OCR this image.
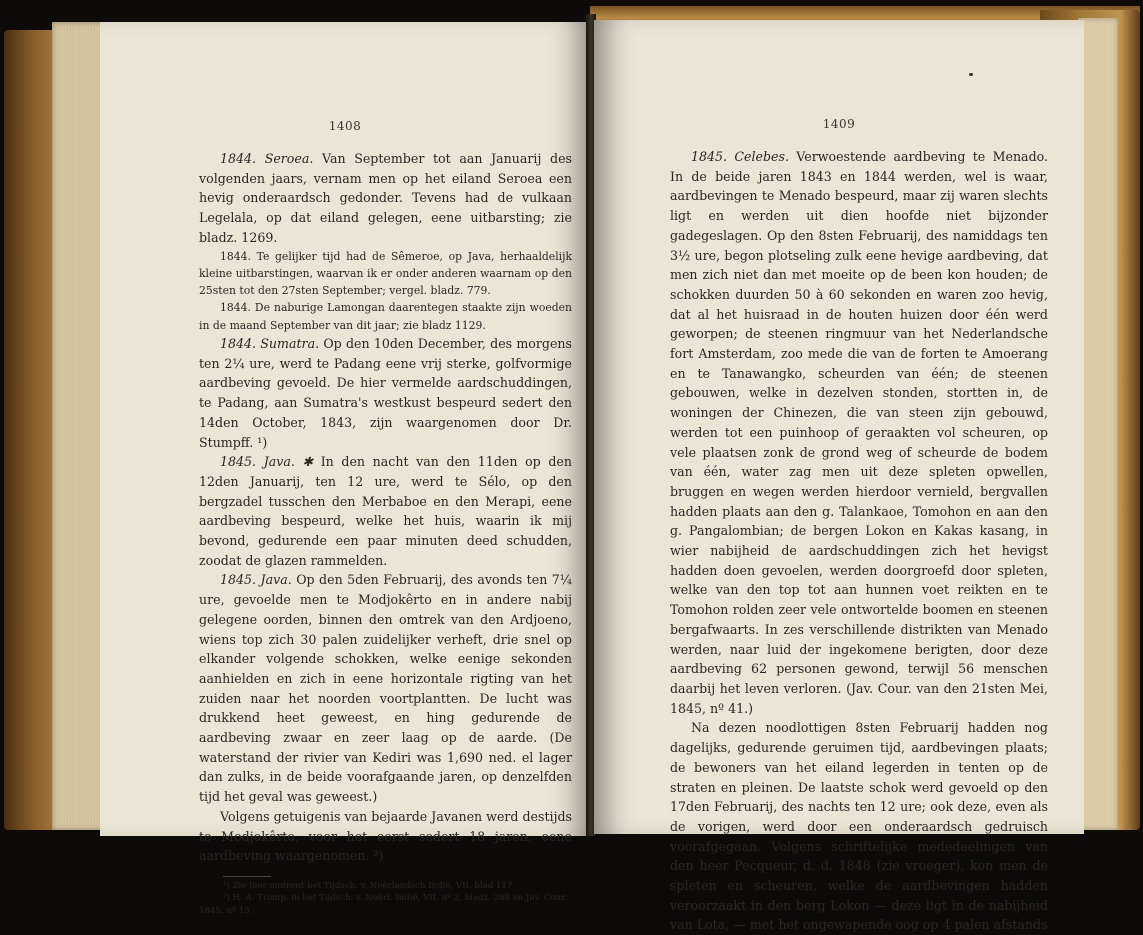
1408

1844. Seroea. Van September tot aan Januarij des volgenden jaars, vernam men op het eiland Seroea een hevig onderaardsch gedonder. Tevens had de vulkaan Legelala, op dat eiland gelegen, eene uitbarsting; zie bladz. 1269.

1844. Te gelijker tijd had de Sêmeroe, op Java, herhaaldelijk kleine uitbarstingen, waarvan ik er onder anderen waarnam op den 25sten tot den 27sten September; vergel. bladz. 779.

1844. De naburige Lamongan daarentegen staakte zijn woeden in de maand September van dit jaar; zie bladz 1129.

1844. Sumatra. Op den 10den December, des morgens ten 2¼ ure, werd te Padang eene vrij sterke, golfvormige aardbeving gevoeld. De hier vermelde aardschuddingen, te Padang, aan Sumatra's westkust bespeurd sedert den 14den October, 1843, zijn waargenomen door Dr. Stumpff. ¹)

1845. Java. ✱ In den nacht van den 11den op den 12den Januarij, ten 12 ure, werd te Sélo, op den bergzadel tusschen den Merbaboe en den Merapi, eene aardbeving bespeurd, welke het huis, waarin ik mij bevond, gedurende een paar minuten deed schudden, zoodat de glazen rammelden.

1845. Java. Op den 5den Februarij, des avonds ten 7¼ ure, gevoelde men te Modjokêrto en in andere nabij gelegene oorden, binnen den omtrek van den Ardjoeno, wiens top zich 30 palen zuidelijker verheft, drie snel op elkander volgende schokken, welke eenige sekonden aanhielden en zich in eene horizontale rigting van het zuiden naar het noorden voortplantten. De lucht was drukkend heet geweest, en hing gedurende de aardbeving zwaar en zeer laag op de aarde. (De waterstand der rivier van Kediri was 1,690 ned. el lager dan zulks, in de beide voorafgaande jaren, op denzelfden tijd het geval was geweest.)

Volgens getuigenis van bejaarde Javanen werd destijds te Modjokêrto, voor het eerst sedert 18 jaren, eene aardbeving waargenomen. ²)

¹) Zie hier omtrent het Tijdsch. v. Neêrlandsch Indië, VII. blad 117.

²) H. A. Tromp, in het Tijdsch. v. Neêrl. Indië, VII. nº 2, bladz. 288 en Jav. Cour. 1845, nº 15.

1409

1845. Celebes. Verwoestende aardbeving te Menado. In de beide jaren 1843 en 1844 werden, wel is waar, aardbevingen te Menado bespeurd, maar zij waren slechts ligt en werden uit dien hoofde niet bijzonder gadegeslagen. Op den 8sten Februarij, des namiddags ten 3½ ure, begon plotseling zulk eene hevige aardbeving, dat men zich niet dan met moeite op de been kon houden; de schokken duurden 50 à 60 sekonden en waren zoo hevig, dat al het huisraad in de houten huizen door één werd geworpen; de steenen ringmuur van het Nederlandsche fort Amsterdam, zoo mede die van de forten te Amoerang en te Tanawangko, scheurden van één; de steenen gebouwen, welke in dezelven stonden, stortten in, de woningen der Chinezen, die van steen zijn gebouwd, werden tot een puinhoop of geraakten vol scheuren, op vele plaatsen zonk de grond weg of scheurde de bodem van één, water zag men uit deze spleten opwellen, bruggen en wegen werden hierdoor vernield, bergvallen hadden plaats aan den g. Talankaoe, Tomohon en aan den g. Pangalombian; de bergen Lokon en Kakas kasang, in wier nabijheid de aardschuddingen zich het hevigst hadden doen gevoelen, werden doorgroefd door spleten, welke van den top tot aan hunnen voet reikten en te Tomohon rolden zeer vele ontwortelde boomen en steenen bergafwaarts. In zes verschillende distrikten van Menado werden, naar luid der ingekomene berigten, door deze aardbeving 62 personen gewond, terwijl 56 menschen daarbij het leven verloren. (Jav. Cour. van den 21sten Mei, 1845, nº 41.)

Na dezen noodlottigen 8sten Februarij hadden nog dagelijks, gedurende geruimen tijd, aardbevingen plaats; de bewoners van het eiland legerden in tenten op de straten en pleinen. De laatste schok werd gevoeld op den 17den Februarij, des nachts ten 12 ure; ook deze, even als de vorigen, werd door een onderaardsch gedruisch voorafgegaan. Volgens schriftelijke mededeelingen van den heer Pecqueur, d. d. 1848 (zie vroeger), kon men de spleten en scheuren, welke de aardbevingen hadden veroorzaakt in den berg Lokon — deze ligt in de nabijheid van Lota, — met het ongewapende oog op 4 palen afstands
